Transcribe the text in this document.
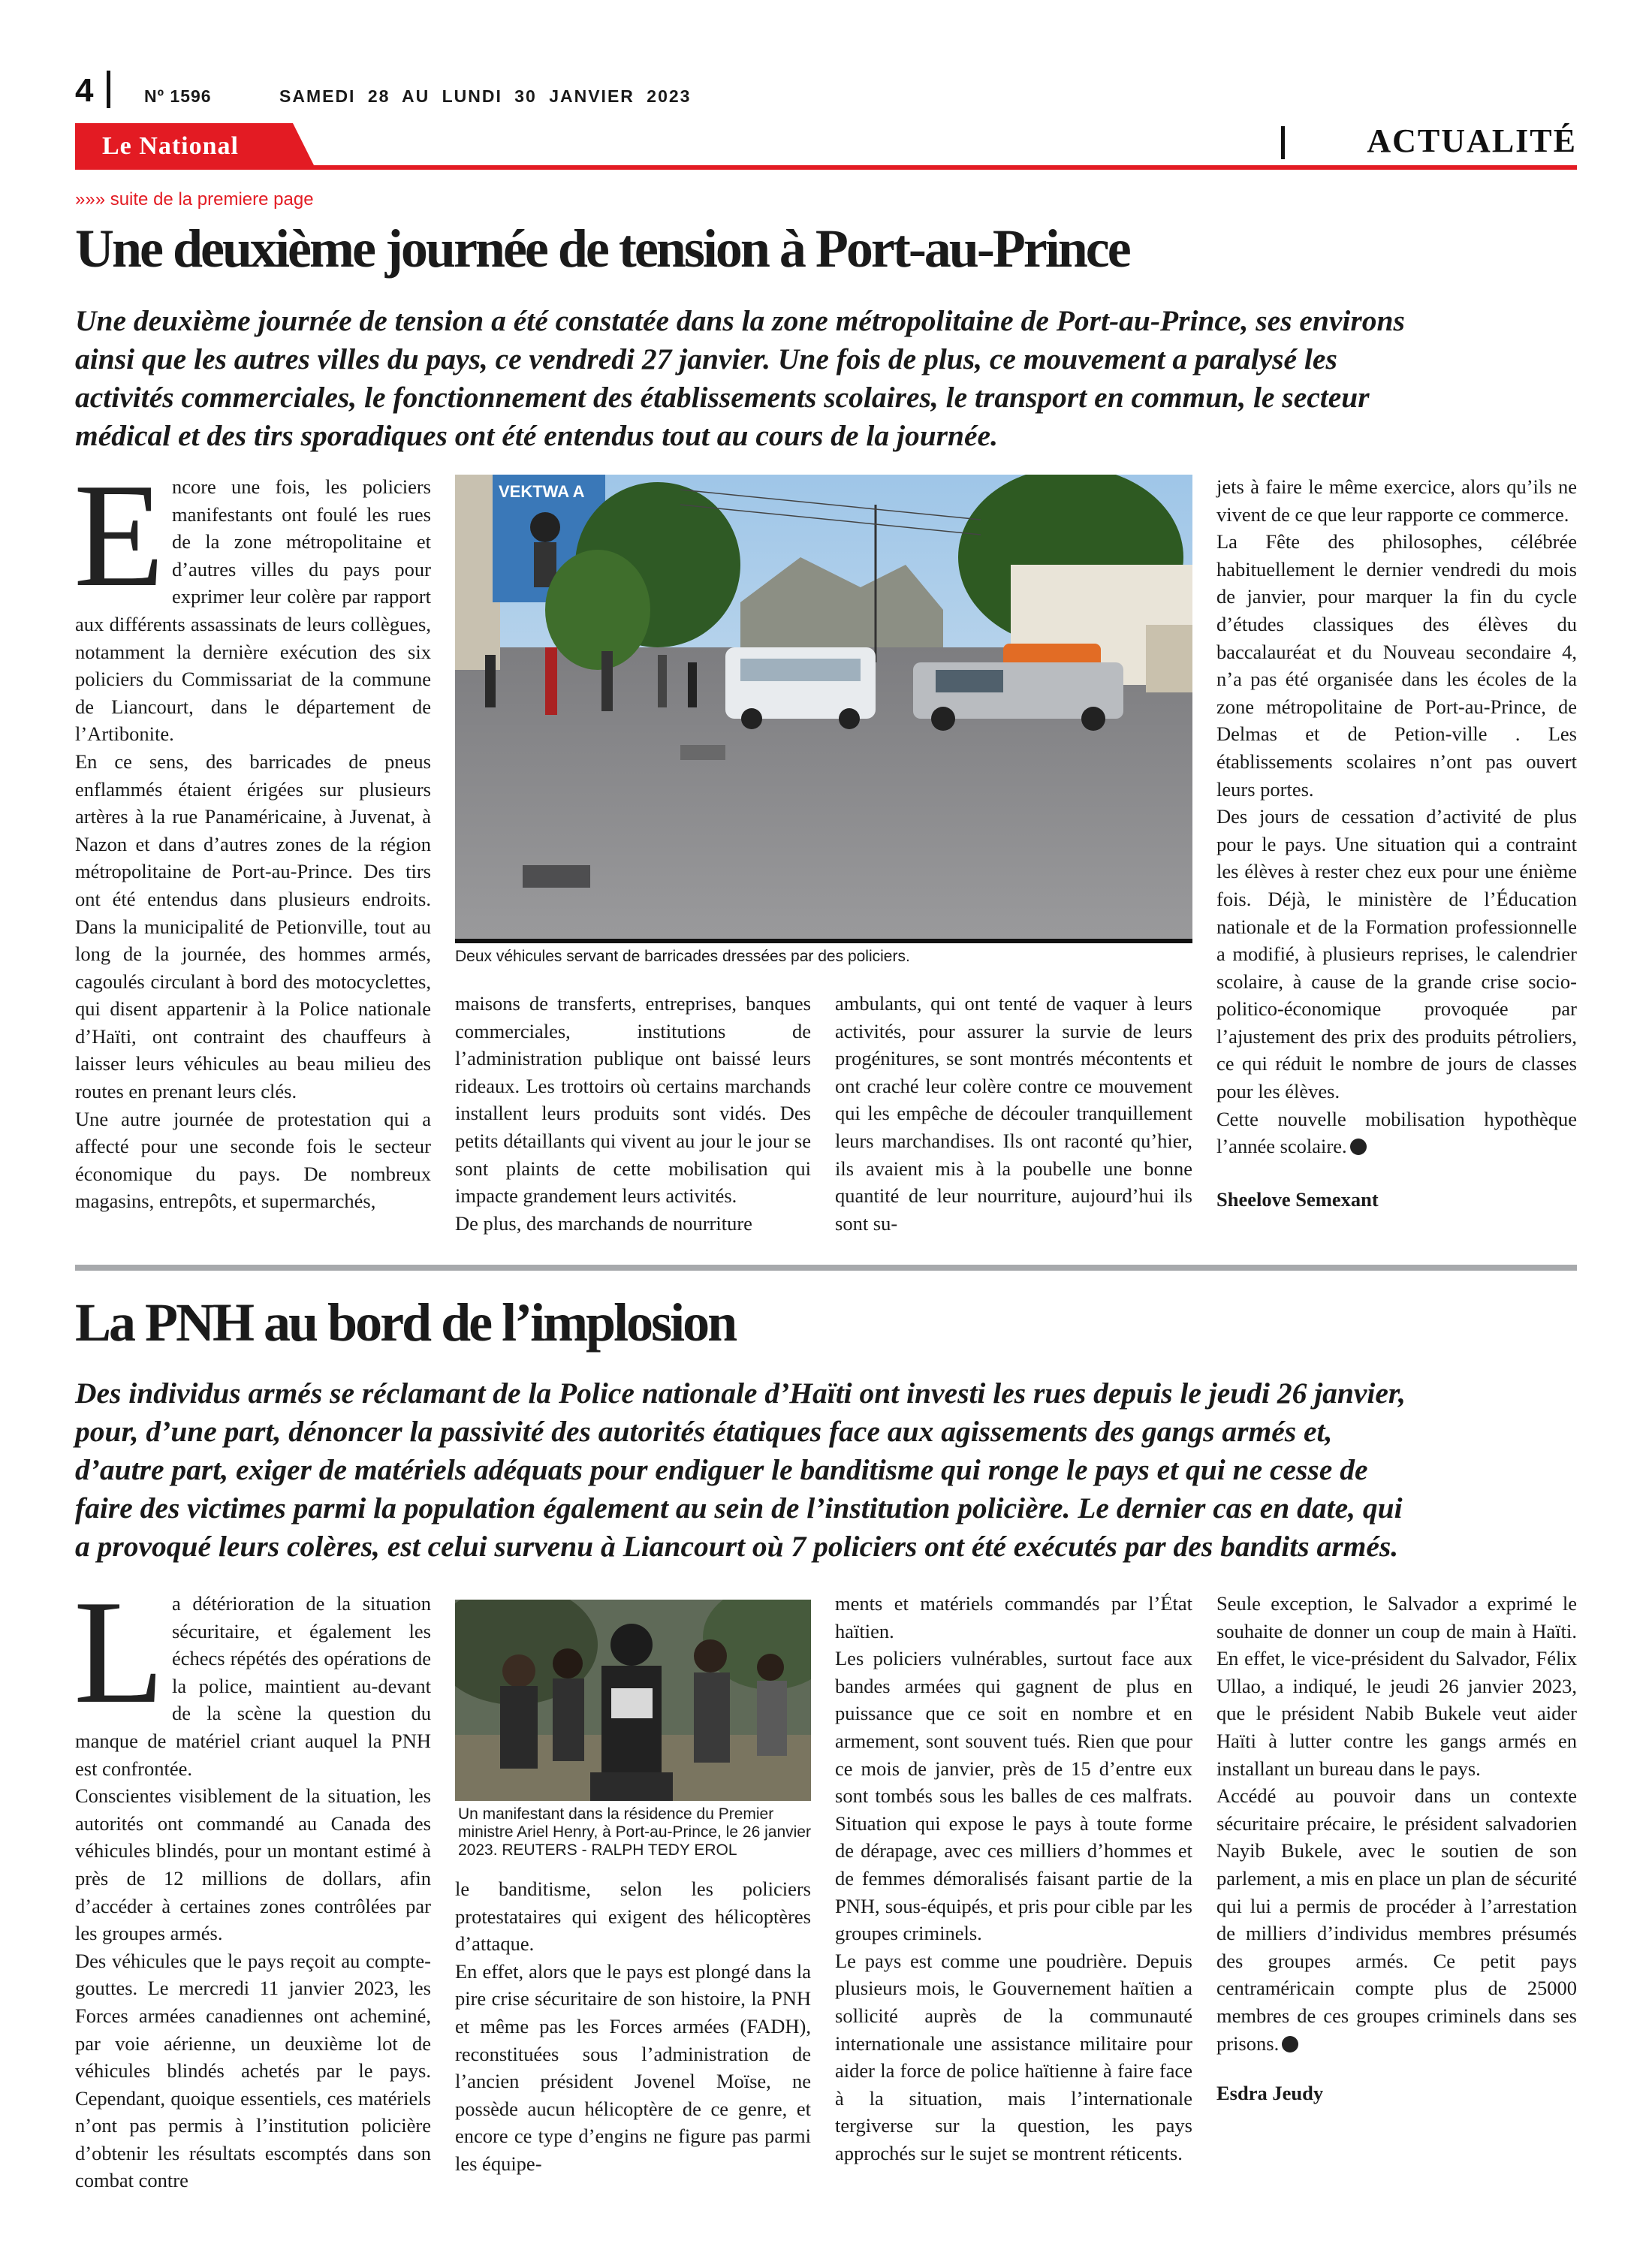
4	Nº 1596	SAMEDI 28 AU LUNDI 30 JANVIER 2023
Le National	ACTUALITÉ
»»» suite de la premiere page
Une deuxième journée de tension à Port-au-Prince
Une deuxième journée de tension a été constatée dans la zone métropolitaine de Port-au-Prince, ses environs
ainsi que les autres villes du pays, ce vendredi 27 janvier. Une fois de plus, ce mouvement a paralysé les
activités commerciales, le fonctionnement des établissements scolaires, le transport en commun, le secteur
médical et des tirs sporadiques ont été entendus tout au cours de la journée.

Encore une fois, les policiers manifestants ont foulé les rues de la zone métropolitaine et d’autres villes du pays pour exprimer leur colère par rapport aux différents assassinats de leurs collègues, notamment la dernière exécution des six policiers du Commissariat de la commune de Liancourt, dans le département de l’Artibonite.

En ce sens, des barricades de pneus enflammés étaient érigées sur plusieurs artères à la rue Panaméricaine, à Juvenat, à Nazon et dans d’autres zones de la région métropolitaine de Port-au-Prince. Des tirs ont été entendus dans plusieurs endroits. Dans la municipalité de Petionville, tout au long de la journée, des hommes armés, cagoulés circulant à bord des motocyclettes, qui disent appartenir à la Police nationale d’Haïti, ont contraint des chauffeurs à laisser leurs véhicules au beau milieu des routes en prenant leurs clés.

Une autre journée de protestation qui a affecté pour une seconde fois le secteur économique du pays. De nombreux magasins, entrepôts, et supermarchés,

VEKTWA A
Deux véhicules servant de barricades dressées par des policiers.

maisons de transferts, entreprises, banques commerciales, institutions de l’administration publique ont baissé leurs rideaux. Les trottoirs où certains marchands installent leurs produits sont vidés. Des petits détaillants qui vivent au jour le jour se sont plaints de cette mobilisation qui impacte grandement leurs activités.

De plus, des marchands de nourriture

ambulants, qui ont tenté de vaquer à leurs activités, pour assurer la survie de leurs progénitures, se sont montrés mécontents et ont craché leur colère contre ce mouvement qui les empêche de découler tranquillement leurs marchandises. Ils ont raconté qu’hier, ils avaient mis à la poubelle une bonne quantité de leur nourriture, aujourd’hui ils sont su-

jets à faire le même exercice, alors qu’ils ne vivent de ce que leur rapporte ce commerce.

La Fête des philosophes, célébrée habituellement le dernier vendredi du mois de janvier, pour marquer la fin du cycle d’études classiques des élèves du baccalauréat et du Nouveau secondaire 4, n’a pas été organisée dans les écoles de la zone métropolitaine de Port-au-Prince, de Delmas et de Petion-ville . Les établissements scolaires n’ont pas ouvert leurs portes.

Des jours de cessation d’activité de plus pour le pays. Une situation qui a contraint les élèves à rester chez eux pour une énième fois. Déjà, le ministère de l’Éducation nationale et de la Formation professionnelle a modifié, à plusieurs reprises, le calendrier scolaire, à cause de la grande crise socio-politico-économique provoquée par l’ajustement des prix des produits pétroliers, ce qui réduit le nombre de jours de classes pour les élèves.

Cette nouvelle mobilisation hypothèque l’année scolaire.

Sheelove Semexant

La PNH au bord de l’implosion
Des individus armés se réclamant de la Police nationale d’Haïti ont investi les rues depuis le jeudi 26 janvier,
pour, d’une part, dénoncer la passivité des autorités étatiques face aux agissements des gangs armés et,
d’autre part, exiger de matériels adéquats pour endiguer le banditisme qui ronge le pays et qui ne cesse de
faire des victimes parmi la population également au sein de l’institution policière. Le dernier cas en date, qui
a provoqué leurs colères, est celui survenu à Liancourt où 7 policiers ont été exécutés par des bandits armés.

La détérioration de la situation sécuritaire, et également les échecs répétés des opérations de la police, maintient au-devant de la scène la question du manque de matériel criant auquel la PNH est confrontée.

Conscientes visiblement de la situation, les autorités ont commandé au Canada des véhicules blindés, pour un montant estimé à près de 12 millions de dollars, afin d’accéder à certaines zones contrôlées par les groupes armés.

Des véhicules que le pays reçoit au compte-gouttes. Le mercredi 11 janvier 2023, les Forces armées canadiennes ont acheminé, par voie aérienne, un deuxième lot de véhicules blindés achetés par le pays. Cependant, quoique essentiels, ces matériels n’ont pas permis à l’institution policière d’obtenir les résultats escomptés dans son combat contre

Un manifestant dans la résidence du Premier ministre Ariel Henry, à Port-au-Prince, le 26 janvier 2023. REUTERS - RALPH TEDY EROL

le banditisme, selon les policiers protestataires qui exigent des hélicoptères d’attaque.

En effet, alors que le pays est plongé dans la pire crise sécuritaire de son histoire, la PNH et même pas les Forces armées (FADH), reconstituées sous l’administration de l’ancien président Jovenel Moïse, ne possède aucun hélicoptère de ce genre, et encore ce type d’engins ne figure pas parmi les équipe-

ments et matériels commandés par l’État haïtien.

Les policiers vulnérables, surtout face aux bandes armées qui gagnent de plus en puissance que ce soit en nombre et en armement, sont souvent tués. Rien que pour ce mois de janvier, près de 15 d’entre eux sont tombés sous les balles de ces malfrats. Situation qui expose le pays à toute forme de dérapage, avec ces milliers d’hommes et de femmes démoralisés faisant partie de la PNH, sous-équipés, et pris pour cible par les groupes criminels.

Le pays est comme une poudrière. Depuis plusieurs mois, le Gouvernement haïtien a sollicité auprès de la communauté internationale une assistance militaire pour aider la force de police haïtienne à faire face à la situation, mais l’internationale tergiverse sur la question, les pays approchés sur le sujet se montrent réticents.

Seule exception, le Salvador a exprimé le souhaite de donner un coup de main à Haïti. En effet, le vice-président du Salvador, Félix Ullao, a indiqué, le jeudi 26 janvier 2023, que le président Nabib Bukele veut aider Haïti à lutter contre les gangs armés en installant un bureau dans le pays.

Accédé au pouvoir dans un contexte sécuritaire précaire, le président salvadorien Nayib Bukele, avec le soutien de son parlement, a mis en place un plan de sécurité qui lui a permis de procéder à l’arrestation de milliers d’individus membres présumés des groupes armés. Ce petit pays centraméricain compte plus de 25000 membres de ces groupes criminels dans ses prisons.

Esdra Jeudy
